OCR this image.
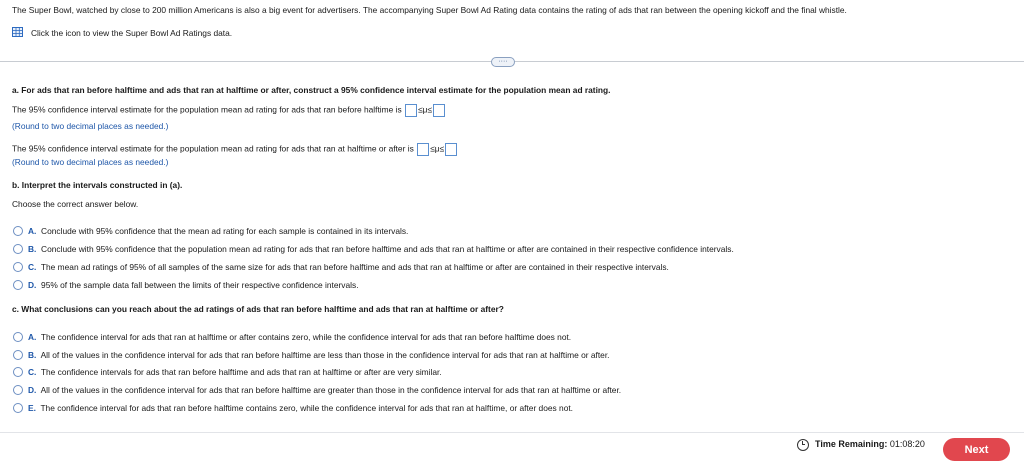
The Super Bowl, watched by close to 200 million Americans is also a big event for advertisers. The accompanying Super Bowl Ad Rating data contains the rating of ads that ran between the opening kickoff and the final whistle.
Click the icon to view the Super Bowl Ad Ratings data.
····
a. For ads that ran before halftime and ads that ran at halftime or after, construct a 95% confidence interval estimate for the population mean ad rating.
The 95% confidence interval estimate for the population mean ad rating for ads that ran before halftime is ≤μ≤
(Round to two decimal places as needed.)
The 95% confidence interval estimate for the population mean ad rating for ads that ran at halftime or after is ≤μ≤
(Round to two decimal places as needed.)
b. Interpret the intervals constructed in (a).
Choose the correct answer below.
A. Conclude with 95% confidence that the mean ad rating for each sample is contained in its intervals.
B. Conclude with 95% confidence that the population mean ad rating for ads that ran before halftime and ads that ran at halftime or after are contained in their respective confidence intervals.
C. The mean ad ratings of 95% of all samples of the same size for ads that ran before halftime and ads that ran at halftime or after are contained in their respective intervals.
D. 95% of the sample data fall between the limits of their respective confidence intervals.
c. What conclusions can you reach about the ad ratings of ads that ran before halftime and ads that ran at halftime or after?
A. The confidence interval for ads that ran at halftime or after contains zero, while the confidence interval for ads that ran before halftime does not.
B. All of the values in the confidence interval for ads that ran before halftime are less than those in the confidence interval for ads that ran at halftime or after.
C. The confidence intervals for ads that ran before halftime and ads that ran at halftime or after are very similar.
D. All of the values in the confidence interval for ads that ran before halftime are greater than those in the confidence interval for ads that ran at halftime or after.
E. The confidence interval for ads that ran before halftime contains zero, while the confidence interval for ads that ran at halftime, or after does not.
Time Remaining: 01:08:20	Next
